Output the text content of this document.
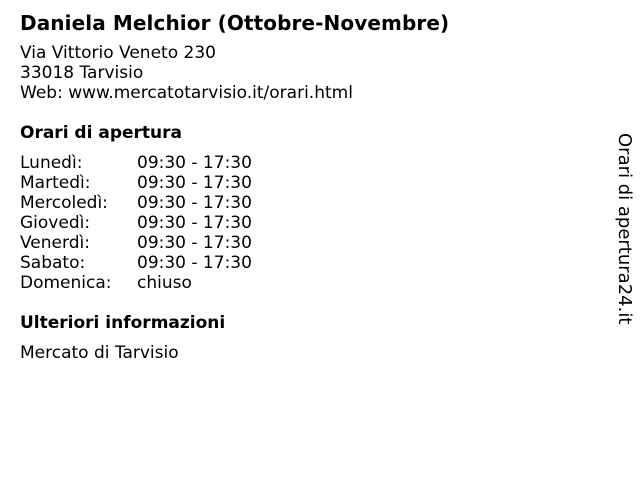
Daniela Melchior (Ottobre-Novembre)
Via Vittorio Veneto 230
33018 Tarvisio
Web: www.mercatotarvisio.it/orari.html
Orari di apertura
Lunedì:	09:30 - 17:30
Martedì:	09:30 - 17:30
Mercoledì:	09:30 - 17:30
Giovedì:	09:30 - 17:30
Venerdì:	09:30 - 17:30
Sabato:	09:30 - 17:30
Domenica:	chiuso
Ulteriori informazioni
Mercato di Tarvisio
Orari di apertura24.it
